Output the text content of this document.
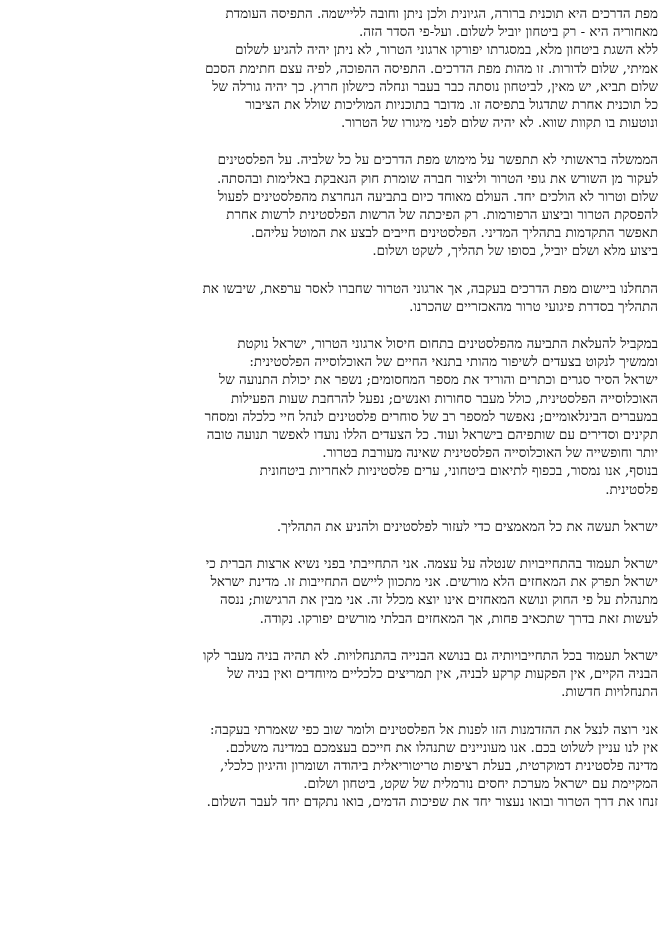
מפת הדרכים היא תוכנית ברורה, הגיונית ולכן ניתן וחובה לליישמה. התפיסה העומדת
מאחוריה היא - רק ביטחון יוביל לשלום. ועל-פי הסדר הזה.
ללא השגת ביטחון מלא, במסגרתו יפורקו ארגוני הטרור, לא ניתן יהיה להגיע לשלום
אמיתי, שלום לדורות. זו מהות מפת הדרכים. התפיסה ההפוכה, לפיה עצם חתימת הסכם
שלום תביא, יש מאין, לביטחון נוסתה כבר בעבר ונחלה כישלון חרוץ. כך יהיה גורלה של
כל תוכנית אחרת שתדגול בתפיסה זו. מדובר בתוכניות המוליכות שולל את הציבור
ונוטעות בו תקוות שווא. לא יהיה שלום לפני מיגורו של הטרור.
הממשלה בראשותי לא תתפשר על מימוש מפת הדרכים על כל שלביה. על הפלסטינים
לעקור מן השורש את גופי הטרור וליצור חברה שומרת חוק הנאבקת באלימות ובהסתה.
שלום וטרור לא הולכים יחד. העולם מאוחד כיום בתביעה הנחרצת מהפלסטינים לפעול
להפסקת הטרור וביצוע הרפורמות. רק הפיכתה של הרשות הפלסטינית לרשות אחרת
תאפשר התקדמות בתהליך המדיני. הפלסטינים חייבים לבצע את המוטל עליהם.
ביצוע מלא ושלם יוביל, בסופו של תהליך, לשקט ושלום.
התחלנו ביישום מפת הדרכים בעקבה, אך ארגוני הטרור שחברו לאסר ערפאת, שיבשו את
התהליך בסדרת פיגועי טרור מהאכזריים שהכרנו.
במקביל להעלאת התביעה מהפלסטינים בתחום חיסול ארגוני הטרור, ישראל נוקטת
וממשיך לנקוט בצעדים לשיפור מהותי בתנאי החיים של האוכלוסייה הפלסטינית:
ישראל הסיר סגרים וכתרים והוריד את מספר המחסומים; נשפר את יכולת התנועה של
האוכלוסייה הפלסטינית, כולל מעבר סחורות ואנשים; נפעל להרחבת שעות הפעילות
במעברים הבינלאומיים; נאפשר למספר רב של סוחרים פלסטינים לנהל חיי כלכלה ומסחר
תקינים וסדירים עם שותפיהם בישראל ועוד. כל הצעדים הללו נועדו לאפשר תנועה טובה
יותר וחופשייה של האוכלוסייה הפלסטינית שאינה מעורבת בטרור.
בנוסף, אנו נמסור, בכפוף לתיאום ביטחוני, ערים פלסטיניות לאחריות ביטחונית
פלסטינית.
ישראל תעשה את כל המאמצים כדי לעזור לפלסטינים ולהניע את התהליך.
ישראל תעמוד בהתחייבויות שנטלה על עצמה. אני התחייבתי בפני נשיא ארצות הברית כי
ישראל תפרק את המאחזים הלא מורשים. אני מתכוון ליישם התחייבות זו. מדינת ישראל
מתנהלת על פי החוק ונושא המאחזים אינו יוצא מכלל זה. אני מבין את הרגישות; ננסה
לעשות זאת בדרך שתכאיב פחות, אך המאחזים הבלתי מורשים יפורקו. נקודה.
ישראל תעמוד בכל התחייבויותיה גם בנושא הבנייה בהתנחלויות. לא תהיה בניה מעבר לקו
הבניה הקיים, אין הפקעות קרקע לבניה, אין תמריצים כלכליים מיוחדים ואין בניה של
התנחלויות חדשות.
אני רוצה לנצל את ההזדמנות הזו לפנות אל הפלסטינים ולומר שוב כפי שאמרתי בעקבה:
אין לנו עניין לשלוט בכם. אנו מעוניינים שתנהלו את חייכם בעצמכם במדינה משלכם.
מדינה פלסטינית דמוקרטית, בעלת רציפות טריטוריאלית ביהודה ושומרון והיגיון כלכלי,
המקיימת עם ישראל מערכת יחסים נורמלית של שקט, ביטחון ושלום.
זנחו את דרך הטרור ובואו נעצור יחד את שפיכות הדמים, בואו נתקדם יחד לעבר השלום.
